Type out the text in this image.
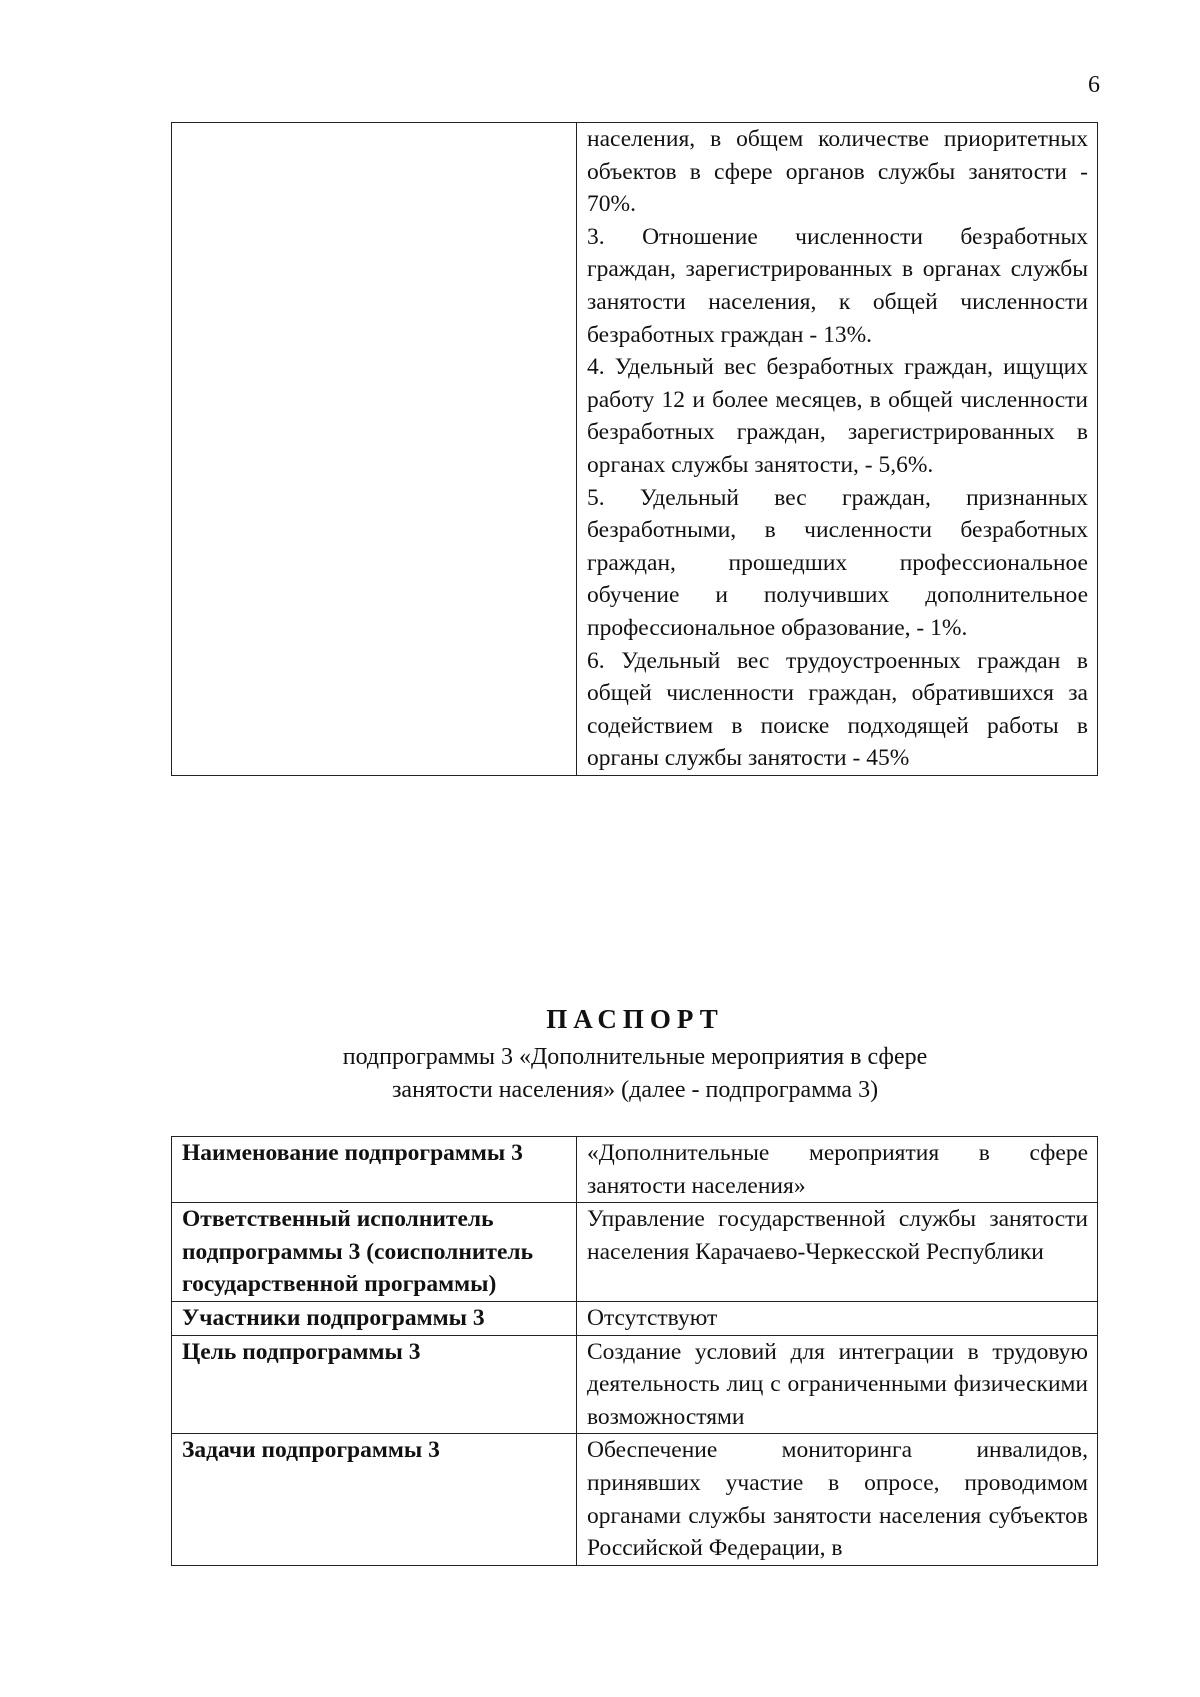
6

населения, в общем количестве приоритетных объектов в сфере органов службы занятости - 70%.

3. Отношение численности безработных граждан, зарегистрированных в органах службы занятости населения, к общей численности безработных граждан - 13%.

4. Удельный вес безработных граждан, ищущих работу 12 и более месяцев, в общей численности безработных граждан, зарегистрированных в органах службы занятости, - 5,6%.

5. Удельный вес граждан, признанных безработными, в численности безработных граждан, прошедших профессиональное обучение и получивших дополнительное профессиональное образование, - 1%.

6. Удельный вес трудоустроенных граждан в общей численности граждан, обратившихся за содействием в поиске подходящей работы в органы службы занятости - 45%

ПАСПОРТ
подпрограммы 3 «Дополнительные мероприятия в сфере
занятости населения» (далее - подпрограмма 3)
Наименование подпрограммы 3	«Дополнительные мероприятия в сфере занятости населения»
Ответственный исполнитель подпрограммы 3 (соисполнитель государственной программы)	Управление государственной службы занятости населения Карачаево-Черкесской Республики
Участники подпрограммы 3	Отсутствуют
Цель подпрограммы 3	Создание условий для интеграции в трудовую деятельность лиц с ограниченными физическими возможностями
Задачи подпрограммы 3	Обеспечение мониторинга инвалидов, принявших участие в опросе, проводимом органами службы занятости населения субъектов Российской Федерации, в
